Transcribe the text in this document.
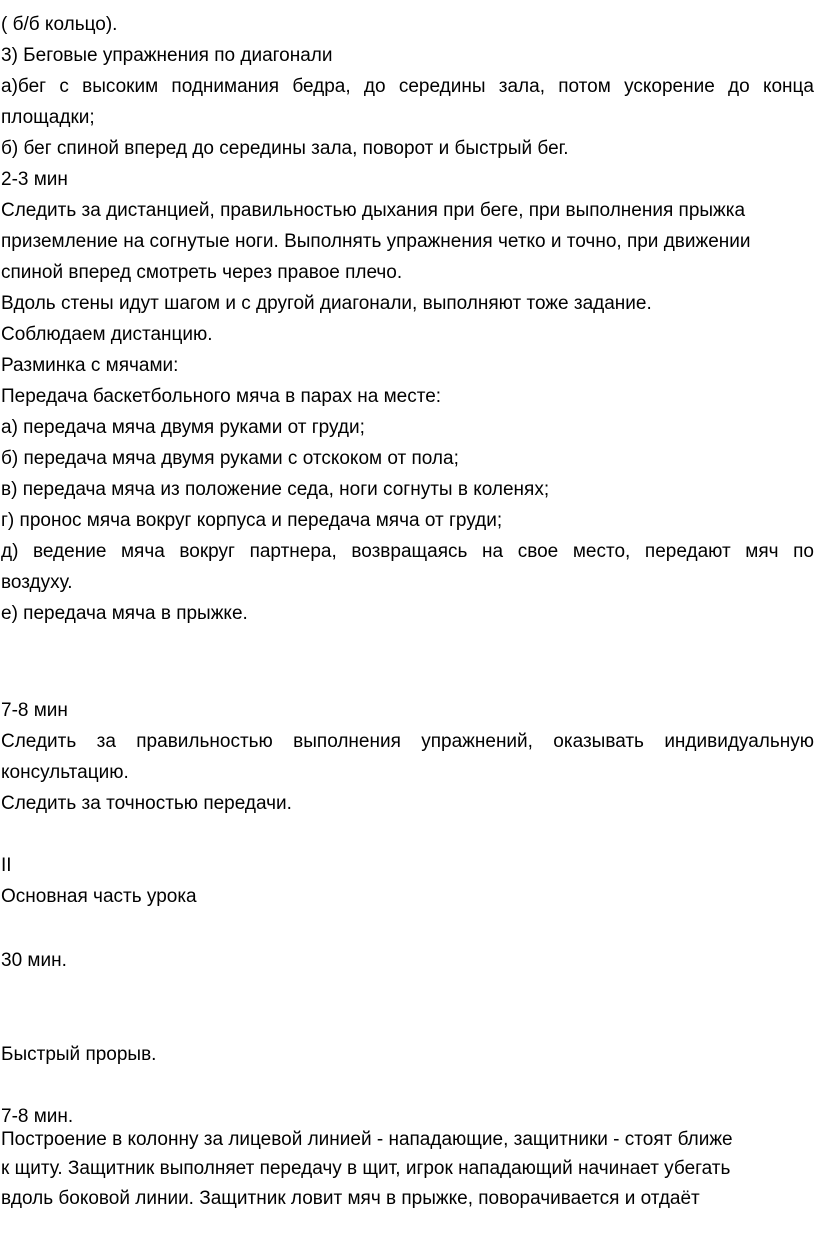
( б/б кольцо).
3) Беговые упражнения по диагонали
а)бег с высоким поднимания бедра, до середины зала, потом ускорение до конца
площадки;
б) бег спиной вперед до середины зала, поворот и быстрый бег.
2-3 мин
Следить за дистанцией, правильностью дыхания при беге, при выполнения прыжка
приземление на согнутые ноги. Выполнять упражнения четко и точно, при движении
спиной вперед смотреть через правое плечо.
Вдоль стены идут шагом и с другой диагонали, выполняют тоже задание.
Соблюдаем дистанцию.
Разминка с мячами:
Передача баскетбольного мяча в парах на месте:
а) передача мяча двумя руками от груди;
б) передача мяча двумя руками с отскоком от пола;
в) передача мяча из положение седа, ноги согнуты в коленях;
г) пронос мяча вокруг корпуса и передача мяча от груди;
д) ведение мяча вокруг партнера, возвращаясь на свое место, передают мяч по
воздуху.
е) передача мяча в прыжке.
7-8 мин
Следить за правильностью выполнения упражнений, оказывать индивидуальную
консультацию.
Следить за точностью передачи.
II
Основная часть урока
30 мин.
Быстрый прорыв.
7-8 мин.
Построение в колонну за лицевой линией - нападающие, защитники - стоят ближе
к щиту. Защитник выполняет передачу в щит, игрок нападающий начинает убегать
вдоль боковой линии. Защитник ловит мяч в прыжке, поворачивается и отдаёт
